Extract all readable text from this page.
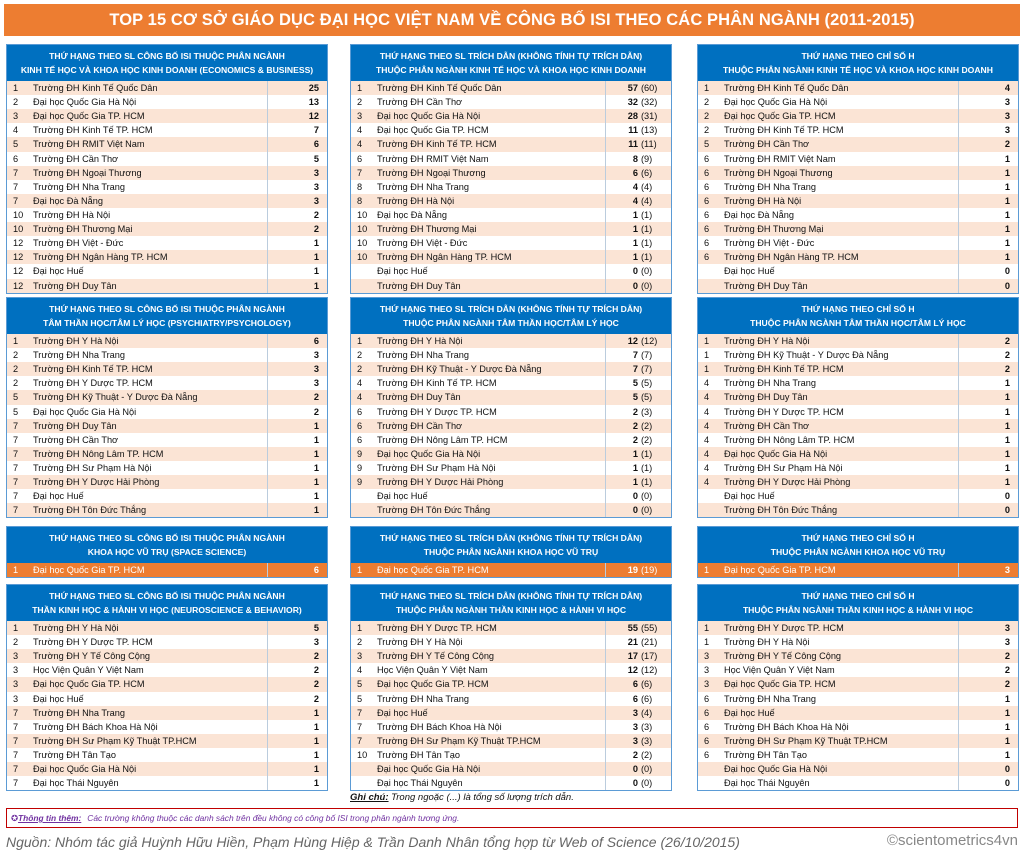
TOP 15 CƠ SỞ GIÁO DỤC ĐẠI HỌC VIỆT NAM VỀ CÔNG BỐ ISI THEO CÁC PHÂN NGÀNH (2011-2015)
THỨ HẠNG THEO SL CÔNG BỐ ISI THUỘC PHÂN NGÀNH
KINH TẾ HỌC VÀ KHOA HỌC KINH DOANH (ECONOMICS & BUSINESS)
1	Trường ĐH Kinh Tế Quốc Dân	25
2	Đại học Quốc Gia Hà Nội	13
3	Đại học Quốc Gia TP. HCM	12
4	Trường ĐH Kinh Tế TP. HCM	7
5	Trường ĐH RMIT Việt Nam	6
6	Trường ĐH Cần Thơ	5
7	Trường ĐH Ngoại Thương	3
7	Trường ĐH Nha Trang	3
7	Đại học Đà Nẵng	3
10	Trường ĐH Hà Nội	2
10	Trường ĐH Thương Mại	2
12	Trường ĐH Việt - Đức	1
12	Trường ĐH Ngân Hàng TP. HCM	1
12	Đại học Huế	1
12	Trường ĐH Duy Tân	1
THỨ HẠNG THEO SL TRÍCH DẪN (KHÔNG TÍNH TỰ TRÍCH DẪN)
THUỘC PHÂN NGÀNH KINH TẾ HỌC VÀ KHOA HỌC KINH DOANH
1	Trường ĐH Kinh Tế Quốc Dân	57	(60)
2	Trường ĐH Cần Thơ	32	(32)
3	Đại học Quốc Gia Hà Nội	28	(31)
4	Đại học Quốc Gia TP. HCM	11	(13)
4	Trường ĐH Kinh Tế TP. HCM	11	(11)
6	Trường ĐH RMIT Việt Nam	8	(9)
7	Trường ĐH Ngoại Thương	6	(6)
8	Trường ĐH Nha Trang	4	(4)
8	Trường ĐH Hà Nội	4	(4)
10	Đại học Đà Nẵng	1	(1)
10	Trường ĐH Thương Mại	1	(1)
10	Trường ĐH Việt - Đức	1	(1)
10	Trường ĐH Ngân Hàng TP. HCM	1	(1)
	Đại học Huế	0	(0)
	Trường ĐH Duy Tân	0	(0)
THỨ HẠNG THEO CHỈ SỐ H
THUỘC PHÂN NGÀNH KINH TẾ HỌC VÀ KHOA HỌC KINH DOANH
1	Trường ĐH Kinh Tế Quốc Dân	4
2	Đại học Quốc Gia Hà Nội	3
2	Đại học Quốc Gia TP. HCM	3
2	Trường ĐH Kinh Tế TP. HCM	3
5	Trường ĐH Cần Thơ	2
6	Trường ĐH RMIT Việt Nam	1
6	Trường ĐH Ngoại Thương	1
6	Trường ĐH Nha Trang	1
6	Trường ĐH Hà Nội	1
6	Đại học Đà Nẵng	1
6	Trường ĐH Thương Mại	1
6	Trường ĐH Việt - Đức	1
6	Trường ĐH Ngân Hàng TP. HCM	1
	Đại học Huế	0
	Trường ĐH Duy Tân	0
THỨ HẠNG THEO SL CÔNG BỐ ISI THUỘC PHÂN NGÀNH
TÂM THẦN HỌC/TÂM LÝ HỌC (PSYCHIATRY/PSYCHOLOGY)
1	Trường ĐH Y Hà Nội	6
2	Trường ĐH Nha Trang	3
2	Trường ĐH Kinh Tế TP. HCM	3
2	Trường ĐH Y Dược TP. HCM	3
5	Trường ĐH Kỹ Thuật - Y Dược Đà Nẵng	2
5	Đại học Quốc Gia Hà Nội	2
7	Trường ĐH Duy Tân	1
7	Trường ĐH Cần Thơ	1
7	Trường ĐH Nông Lâm TP. HCM	1
7	Trường ĐH Sư Phạm Hà Nội	1
7	Trường ĐH Y Dược Hải Phòng	1
7	Đại học Huế	1
7	Trường ĐH Tôn Đức Thắng	1
THỨ HẠNG THEO SL TRÍCH DẪN (KHÔNG TÍNH TỰ TRÍCH DẪN)
THUỘC PHÂN NGÀNH TÂM THẦN HỌC/TÂM LÝ HỌC
1	Trường ĐH Y Hà Nội	12	(12)
2	Trường ĐH Nha Trang	7	(7)
2	Trường ĐH Kỹ Thuật - Y Dược Đà Nẵng	7	(7)
4	Trường ĐH Kinh Tế TP. HCM	5	(5)
4	Trường ĐH Duy Tân	5	(5)
6	Trường ĐH Y Dược TP. HCM	2	(3)
6	Trường ĐH Cần Thơ	2	(2)
6	Trường ĐH Nông Lâm TP. HCM	2	(2)
9	Đại học Quốc Gia Hà Nội	1	(1)
9	Trường ĐH Sư Phạm Hà Nội	1	(1)
9	Trường ĐH Y Dược Hải Phòng	1	(1)
	Đại học Huế	0	(0)
	Trường ĐH Tôn Đức Thắng	0	(0)
THỨ HẠNG THEO CHỈ SỐ H
THUỘC PHÂN NGÀNH TÂM THẦN HỌC/TÂM LÝ HỌC
1	Trường ĐH Y Hà Nội	2
1	Trường ĐH Kỹ Thuật - Y Dược Đà Nẵng	2
1	Trường ĐH Kinh Tế TP. HCM	2
4	Trường ĐH Nha Trang	1
4	Trường ĐH Duy Tân	1
4	Trường ĐH Y Dược TP. HCM	1
4	Trường ĐH Cần Thơ	1
4	Trường ĐH Nông Lâm TP. HCM	1
4	Đại học Quốc Gia Hà Nội	1
4	Trường ĐH Sư Phạm Hà Nội	1
4	Trường ĐH Y Dược Hải Phòng	1
	Đại học Huế	0
	Trường ĐH Tôn Đức Thắng	0
THỨ HẠNG THEO SL CÔNG BỐ ISI THUỘC PHÂN NGÀNH
KHOA HỌC VŨ TRỤ (SPACE SCIENCE)
1	Đại học Quốc Gia TP. HCM	6
THỨ HẠNG THEO SL TRÍCH DẪN (KHÔNG TÍNH TỰ TRÍCH DẪN)
THUỘC PHÂN NGÀNH KHOA HỌC VŨ TRỤ
1	Đại học Quốc Gia TP. HCM	19	(19)
THỨ HẠNG THEO CHỈ SỐ H
THUỘC PHÂN NGÀNH KHOA HỌC VŨ TRỤ
1	Đại học Quốc Gia TP. HCM	3
THỨ HẠNG THEO SL CÔNG BỐ ISI THUỘC PHÂN NGÀNH
THẦN KINH HỌC & HÀNH VI HỌC (NEUROSCIENCE & BEHAVIOR)
1	Trường ĐH Y Hà Nội	5
2	Trường ĐH Y Dược TP. HCM	3
3	Trường ĐH Y Tế Công Cộng	2
3	Học Viện Quân Y Việt Nam	2
3	Đại học Quốc Gia TP. HCM	2
3	Đại học Huế	2
7	Trường ĐH Nha Trang	1
7	Trường ĐH Bách Khoa Hà Nội	1
7	Trường ĐH Sư Phạm Kỹ Thuật TP.HCM	1
7	Trường ĐH Tân Tạo	1
7	Đại học Quốc Gia Hà Nội	1
7	Đại học Thái Nguyên	1
THỨ HẠNG THEO SL TRÍCH DẪN (KHÔNG TÍNH TỰ TRÍCH DẪN)
THUỘC PHÂN NGÀNH THẦN KINH HỌC & HÀNH VI HỌC
1	Trường ĐH Y Dược TP. HCM	55	(55)
2	Trường ĐH Y Hà Nội	21	(21)
3	Trường ĐH Y Tế Công Cộng	17	(17)
4	Học Viện Quân Y Việt Nam	12	(12)
5	Đại học Quốc Gia TP. HCM	6	(6)
5	Trường ĐH Nha Trang	6	(6)
7	Đại học Huế	3	(4)
7	Trường ĐH Bách Khoa Hà Nội	3	(3)
7	Trường ĐH Sư Phạm Kỹ Thuật TP.HCM	3	(3)
10	Trường ĐH Tân Tạo	2	(2)
	Đại học Quốc Gia Hà Nội	0	(0)
	Đại học Thái Nguyên	0	(0)
THỨ HẠNG THEO CHỈ SỐ H
THUỘC PHÂN NGÀNH THẦN KINH HỌC & HÀNH VI HỌC
1	Trường ĐH Y Dược TP. HCM	3
1	Trường ĐH Y Hà Nội	3
3	Trường ĐH Y Tế Công Cộng	2
3	Học Viện Quân Y Việt Nam	2
3	Đại học Quốc Gia TP. HCM	2
6	Trường ĐH Nha Trang	1
6	Đại học Huế	1
6	Trường ĐH Bách Khoa Hà Nội	1
6	Trường ĐH Sư Phạm Kỹ Thuật TP.HCM	1
6	Trường ĐH Tân Tạo	1
	Đại học Quốc Gia Hà Nội	0
	Đại học Thái Nguyên	0
Ghi chú: Trong ngoặc (...) là tổng số lượng trích dẫn.
✪Thông tin thêm: Các trường không thuộc các danh sách trên đều không có công bố ISI trong phân ngành tương ứng.
Nguồn: Nhóm tác giả Huỳnh Hữu Hiền, Phạm Hùng Hiệp & Trần Danh Nhân tổng hợp từ Web of Science (26/10/2015)	©scientometrics4vn
